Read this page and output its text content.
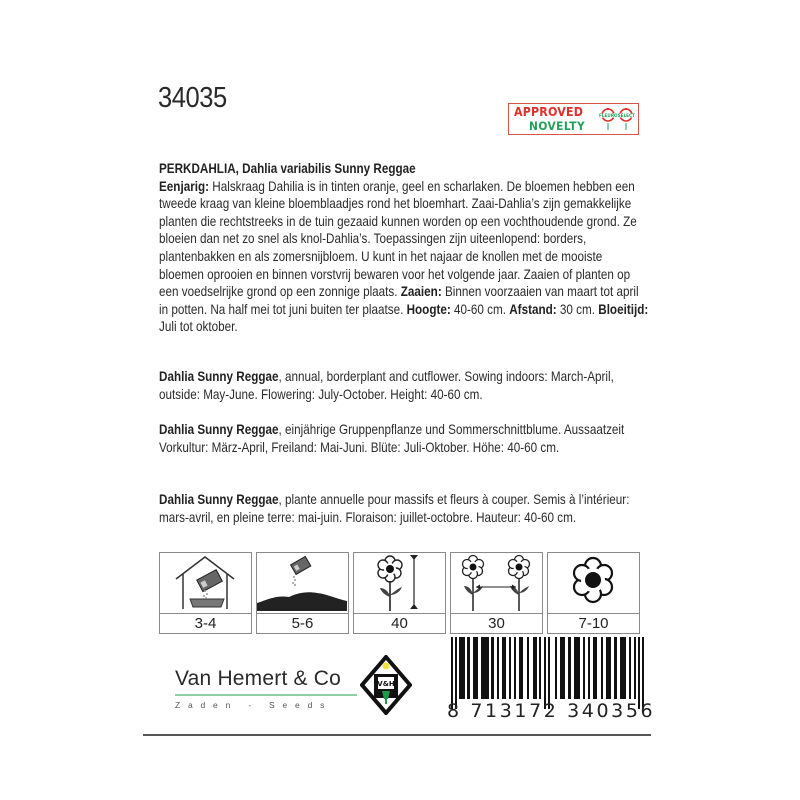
34035	APPROVED
NOVELTY
FLEUROSELECT
PERKDAHLIA, Dahlia variabilis Sunny Reggae
Eenjarig: Halskraag Dahilia is in tinten oranje, geel en scharlaken. De bloemen hebben een tweede kraag van kleine bloemblaadjes rond het bloemhart. Zaai-Dahlia’s zijn gemakkelijke planten die rechtstreeks in de tuin gezaaid kunnen worden op een vochthoudende grond. Ze bloeien dan net zo snel als knol-Dahlia’s. Toepassingen zijn uiteenlopend: borders, plantenbakken en als zomersnijbloem. U kunt in het najaar de knollen met de mooiste bloemen oprooien en binnen vorstvrij bewaren voor het volgende jaar. Zaaien of planten op een voedselrijke grond op een zonnige plaats. Zaaien: Binnen voorzaaien van maart tot april in potten. Na half mei tot juni buiten ter plaatse. Hoogte: 40-60 cm. Afstand: 30 cm. Bloeitijd: Juli tot oktober.
Dahlia Sunny Reggae, annual, borderplant and cutflower. Sowing indoors: March-April, outside: May-June. Flowering: July-October. Height: 40-60 cm.
Dahlia Sunny Reggae, einjährige Gruppenpflanze und Sommerschnittblume. Aussaatzeit Vorkultur: März-April, Freiland: Mai-Juni. Blüte: Juli-Oktober. Höhe: 40-60 cm.
Dahlia Sunny Reggae, plante annuelle pour massifs et fleurs à couper. Semis à l’intérieur: mars-avril, en pleine terre: mai-juin. Floraison: juillet-octobre. Hauteur: 40-60 cm.
3-4	5-6	40	30	7-10
Van Hemert & Co
Zaden - Seeds
V&H
8 713172 340356
